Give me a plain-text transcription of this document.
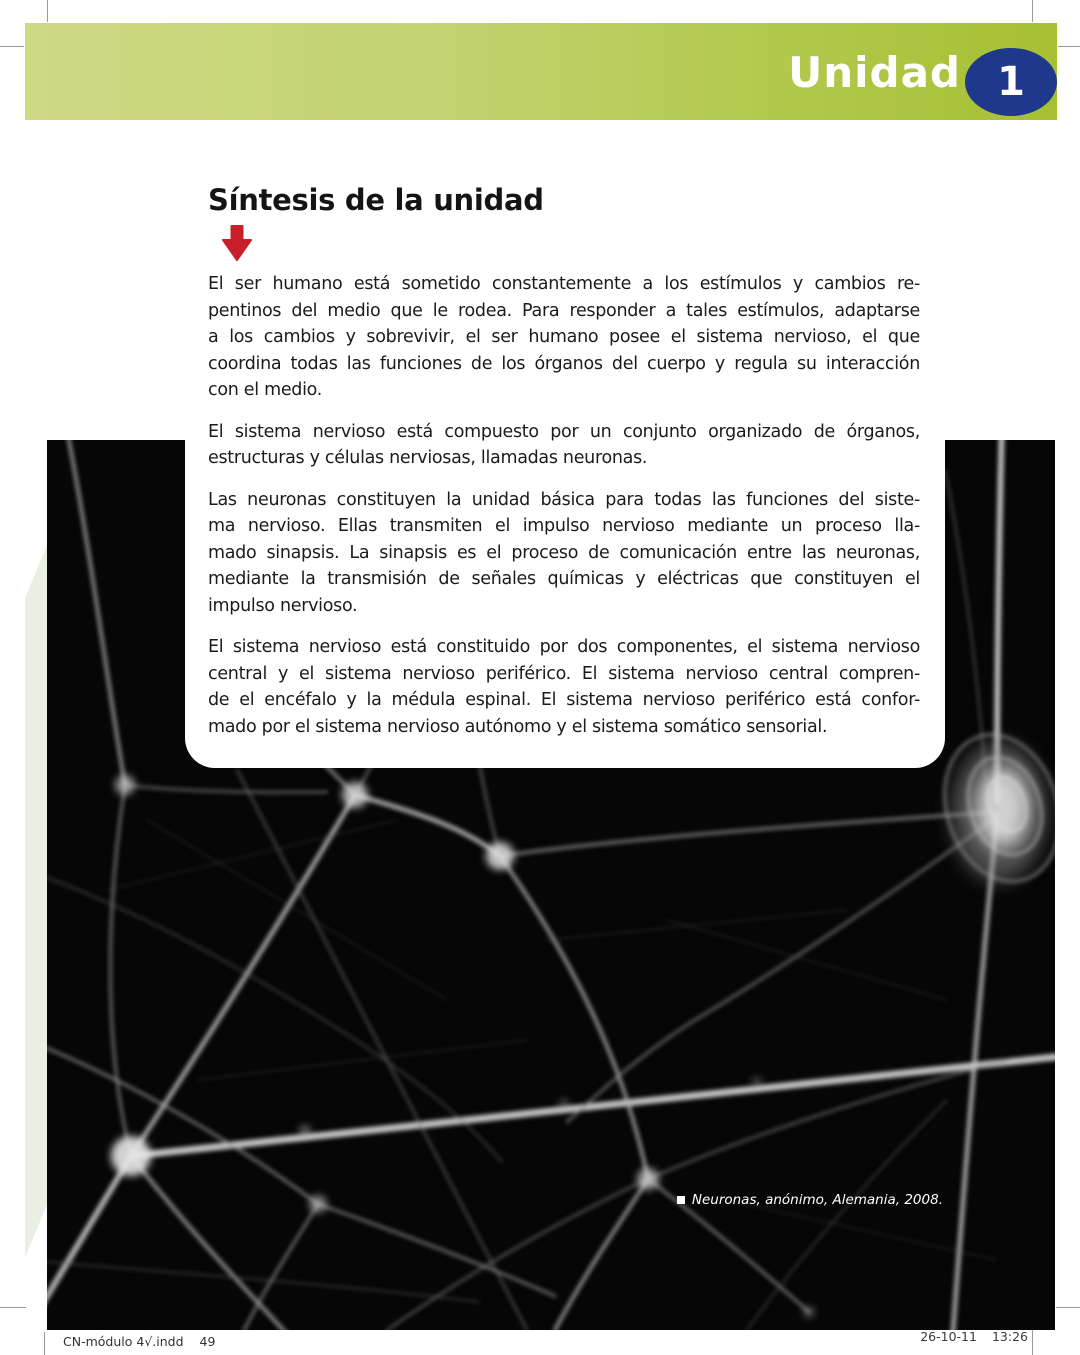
Unidad 1
Neuronas, anónimo, Alemania, 2008.
Síntesis de la unidad
El ser humano está sometido constantemente a los estímulos y cambios re-
pentinos del medio que le rodea. Para responder a tales estímulos, adaptarse
a los cambios y sobrevivir, el ser humano posee el sistema nervioso, el que
coordina todas las funciones de los órganos del cuerpo y regula su interacción
con el medio.
El sistema nervioso está compuesto por un conjunto organizado de órganos,
estructuras y células nerviosas, llamadas neuronas.
Las neuronas constituyen la unidad básica para todas las funciones del siste-
ma nervioso. Ellas transmiten el impulso nervioso mediante un proceso lla-
mado sinapsis. La sinapsis es el proceso de comunicación entre las neuronas,
mediante la transmisión de señales químicas y eléctricas que constituyen el
impulso nervioso.
El sistema nervioso está constituido por dos componentes, el sistema nervioso
central y el sistema nervioso periférico. El sistema nervioso central compren-
de el encéfalo y la médula espinal. El sistema nervioso periférico está confor-
mado por el sistema nervioso autónomo y el sistema somático sensorial.
CN-módulo 4√.indd 49	26-10-11 13:26
